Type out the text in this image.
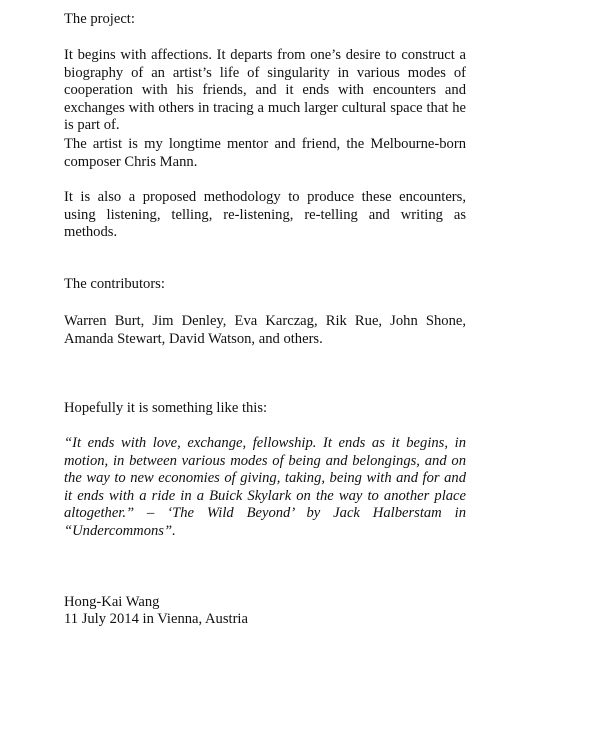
The project:

It begins with affections. It departs from one’s desire to construct a biography of an artist’s life of singularity in various modes of cooperation with his friends, and it ends with encounters and exchanges with others in tracing a much larger cultural space that he is part of.

The artist is my longtime mentor and friend, the Melbourne-born composer Chris Mann.

It is also a proposed methodology to produce these encounters, using listening, telling, re-listening, re-telling and writing as methods.

The contributors:

Warren Burt, Jim Denley, Eva Karczag, Rik Rue, John Shone, Amanda Stewart, David Watson, and others.

Hopefully it is something like this:

“It ends with love, exchange, fellowship. It ends as it begins, in motion, in between various modes of being and belongings, and on the way to new economies of giving, taking, being with and for and it ends with a ride in a Buick Skylark on the way to another place altogether.” – ‘The Wild Beyond’ by Jack Halberstam in “Undercommons”.

Hong-Kai Wang

11 July 2014 in Vienna, Austria
